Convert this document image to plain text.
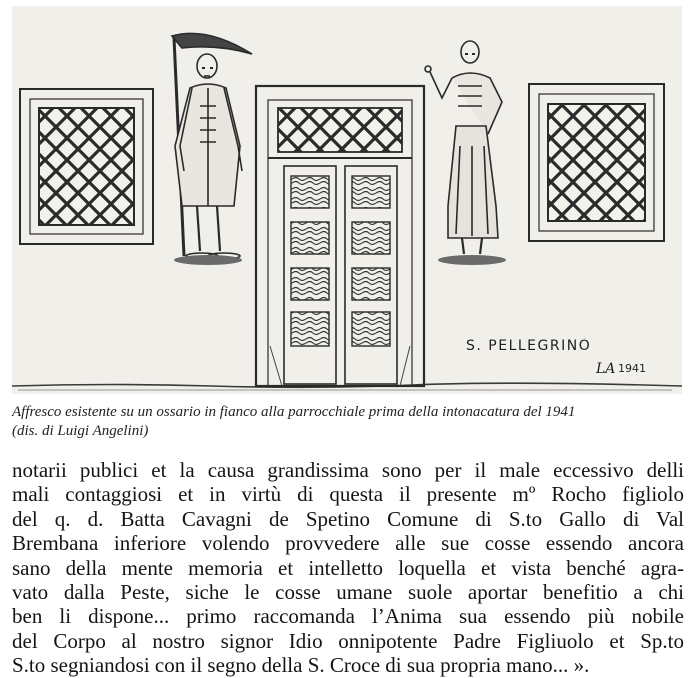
S. PELLEGRINO
LA 1941
Affresco esistente su un ossario in fianco alla parrocchiale prima della intonacatura del 1941
(dis. di Luigi Angelini)
notarii publici et la causa grandissima sono per il male eccessivo delli
mali contaggiosi et in virtù di questa il presente mº Rocho figliolo
del q. d. Batta Cavagni de Spetino Comune di S.to Gallo di Val
Brembana inferiore volendo provvedere alle sue cosse essendo ancora
sano della mente memoria et intelletto loquella et vista benché agra-
vato dalla Peste, siche le cosse umane suole aportar benefitio a chi
ben li dispone... primo raccomanda l’Anima sua essendo più nobile
del Corpo al nostro signor Idio onnipotente Padre Figliuolo et Sp.to
S.to segniandosi con il segno della S. Croce di sua propria mano... ».
